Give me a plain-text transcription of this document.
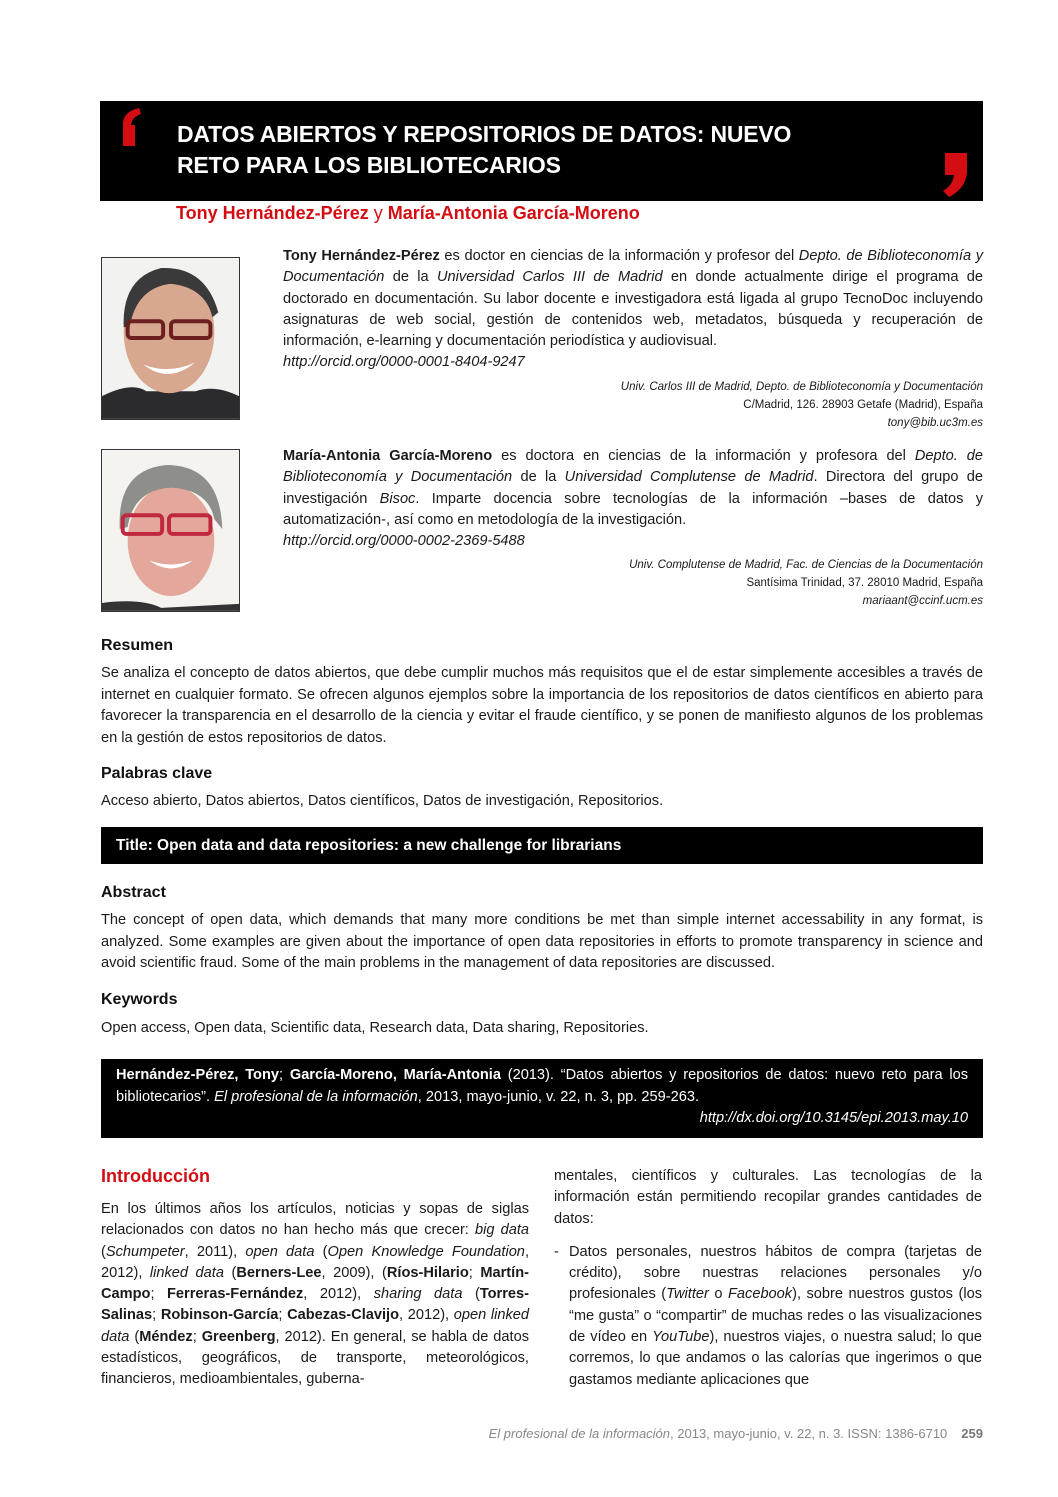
DATOS ABIERTOS Y REPOSITORIOS DE DATOS: NUEVO
RETO PARA LOS BIBLIOTECARIOS
Tony Hernández-Pérez y María-Antonia García-Moreno
Tony Hernández-Pérez es doctor en ciencias de la información y profesor del Depto. de Biblioteconomía y Documentación de la Universidad Carlos III de Madrid en donde actualmente dirige el programa de doctorado en documentación. Su labor docente e investigadora está ligada al grupo TecnoDoc incluyendo asignaturas de web social, gestión de contenidos web, metadatos, búsqueda y recuperación de información, e-learning y documentación periodística y audiovisual.
http://orcid.org/0000-0001-8404-9247
Univ. Carlos III de Madrid, Depto. de Biblioteconomía y Documentación
C/Madrid, 126. 28903 Getafe (Madrid), España
tony@bib.uc3m.es
María-Antonia García-Moreno es doctora en ciencias de la información y profesora del Depto. de Biblioteconomía y Documentación de la Universidad Complutense de Madrid. Directora del grupo de investigación Bisoc. Imparte docencia sobre tecnologías de la información –bases de datos y automatización-, así como en metodología de la investigación.
http://orcid.org/0000-0002-2369-5488
Univ. Complutense de Madrid, Fac. de Ciencias de la Documentación
Santísima Trinidad, 37. 28010 Madrid, España
mariaant@ccinf.ucm.es
Resumen
Se analiza el concepto de datos abiertos, que debe cumplir muchos más requisitos que el de estar simplemente accesibles a través de internet en cualquier formato. Se ofrecen algunos ejemplos sobre la importancia de los repositorios de datos científicos en abierto para favorecer la transparencia en el desarrollo de la ciencia y evitar el fraude científico, y se ponen de manifiesto algunos de los problemas en la gestión de estos repositorios de datos.
Palabras clave
Acceso abierto, Datos abiertos, Datos científicos, Datos de investigación, Repositorios.
Title: Open data and data repositories: a new challenge for librarians
Abstract
The concept of open data, which demands that many more conditions be met than simple internet accessability in any format, is analyzed. Some examples are given about the importance of open data repositories in efforts to promote transparency in science and avoid scientific fraud. Some of the main problems in the management of data repositories are discussed.
Keywords
Open access, Open data, Scientific data, Research data, Data sharing, Repositories.
Hernández-Pérez, Tony; García-Moreno, María-Antonia (2013). “Datos abiertos y repositorios de datos: nuevo reto para los bibliotecarios”. El profesional de la información, 2013, mayo-junio, v. 22, n. 3, pp. 259-263.
http://dx.doi.org/10.3145/epi.2013.may.10
Introducción
En los últimos años los artículos, noticias y sopas de siglas relacionados con datos no han hecho más que crecer: big data (Schumpeter, 2011), open data (Open Knowledge Foundation, 2012), linked data (Berners-Lee, 2009), (Ríos-Hilario; Martín-Campo; Ferreras-Fernández, 2012), sharing data (Torres-Salinas; Robinson-García; Cabezas-Clavijo, 2012), open linked data (Méndez; Greenberg, 2012). En general, se habla de datos estadísticos, geográficos, de transporte, meteorológicos, financieros, medioambientales, guberna-
mentales, científicos y culturales. Las tecnologías de la información están permitiendo recopilar grandes cantidades de datos:
- Datos personales, nuestros hábitos de compra (tarjetas de crédito), sobre nuestras relaciones personales y/o profesionales (Twitter o Facebook), sobre nuestros gustos (los “me gusta” o “compartir” de muchas redes o las visualizaciones de vídeo en YouTube), nuestros viajes, o nuestra salud; lo que corremos, lo que andamos o las calorías que ingerimos o que gastamos mediante aplicaciones que
El profesional de la información, 2013, mayo-junio, v. 22, n. 3. ISSN: 1386-6710 259
